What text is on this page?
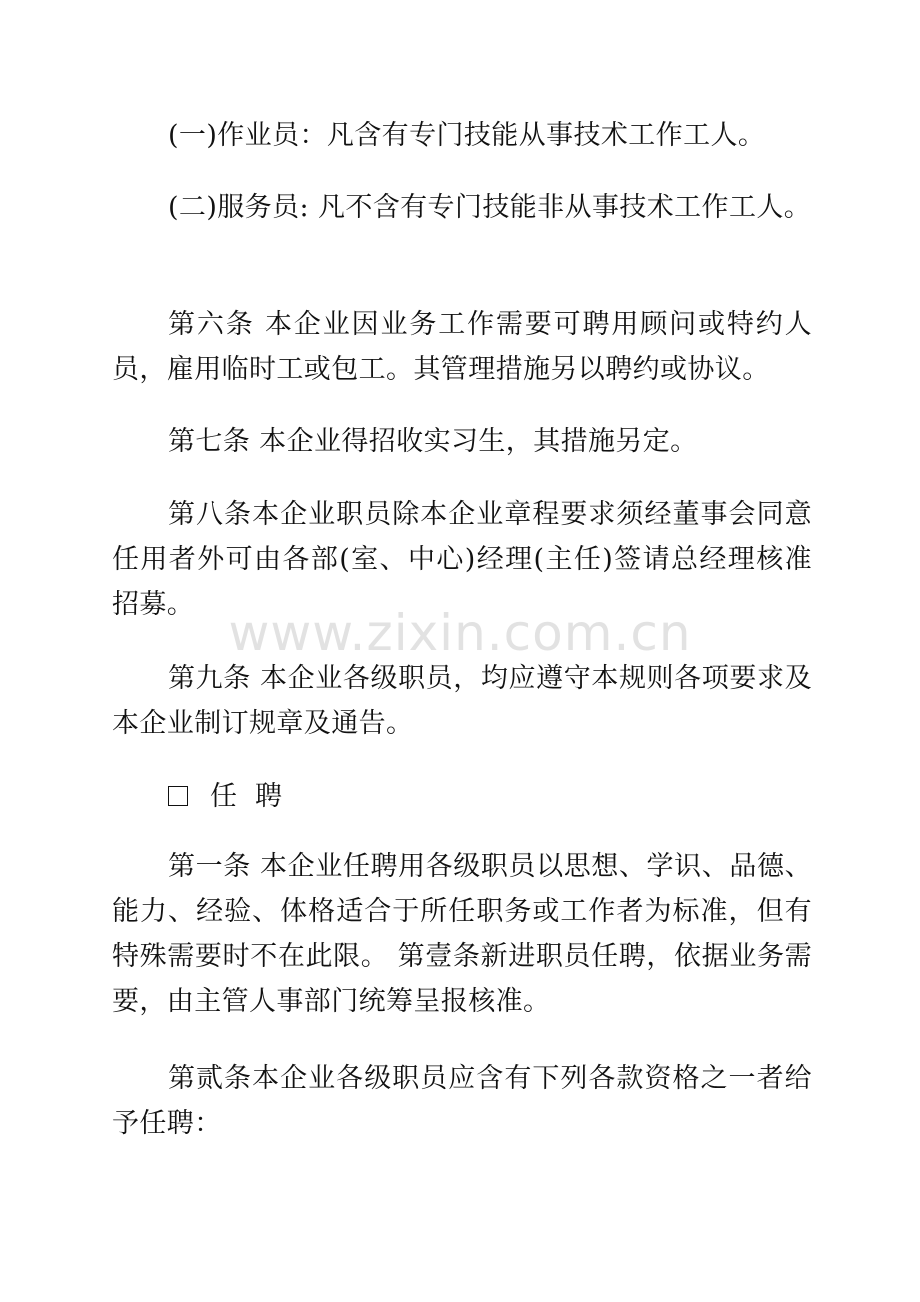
(一)作业员：凡含有专门技能从事技术工作工人。
(二)服务员: 凡不含有专门技能非从事技术工作工人。

第六条 本企业因业务工作需要可聘用顾问或特约人员，雇用临时工或包工。其管理措施另以聘约或协议。

第七条 本企业得招收实习生，其措施另定。

第八条本企业职员除本企业章程要求须经董事会同意任用者外可由各部(室、中心)经理(主任)签请总经理核准招募。

第九条 本企业各级职员，均应遵守本规则各项要求及本企业制订规章及通告。

任聘

第一条 本企业任聘用各级职员以思想、学识、品德、能力、经验、体格适合于所任职务或工作者为标准，但有特殊需要时不在此限。 第壹条新进职员任聘，依据业务需要，由主管人事部门统筹呈报核准。

第贰条本企业各级职员应含有下列各款资格之一者给予任聘：

www.zixin.com.cn
